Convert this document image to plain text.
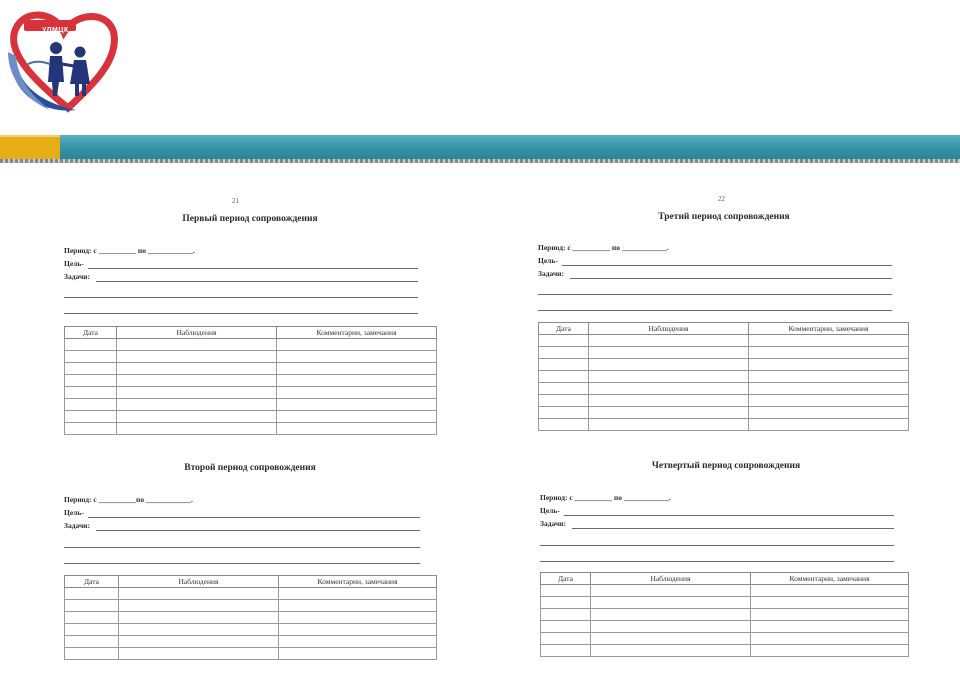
УЛМЦК
21	22
Первый период сопровождения
Период: с __________ по ____________.
Цель-
Задачи:
Дата	Наблюдения	Комментарии, замечания

Второй период сопровождения
Период: с __________по ____________.
Цель-
Задачи:
Дата	Наблюдения	Комментарии, замечания

Третий период сопровождения
Период: с __________ по ____________.
Цель-
Задачи:
Дата	Наблюдения	Комментарии, замечания

Четвертый период сопровождения
Период: с __________ по ____________.
Цель-
Задачи:
Дата	Наблюдения	Комментарии, замечания
